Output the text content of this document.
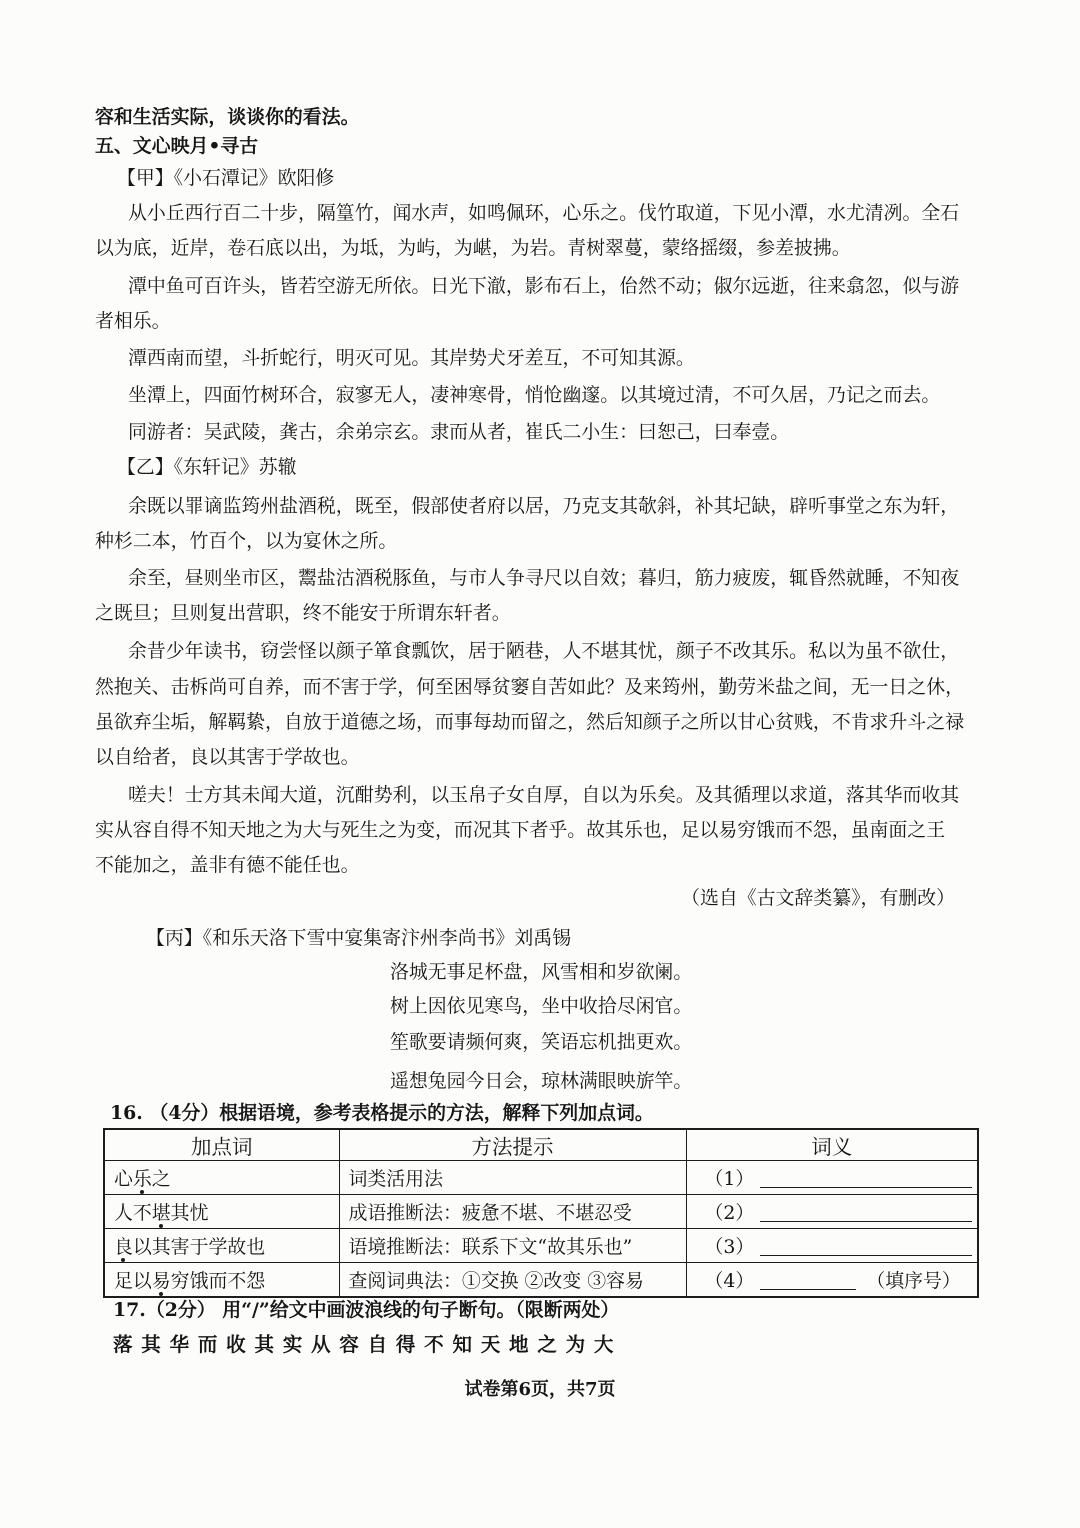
容和生活实际，谈谈你的看法。
五、文心映月•寻古
【甲】《小石潭记》欧阳修
从小丘西行百二十步，隔篁竹，闻水声，如鸣佩环，心乐之。伐竹取道，下见小潭，水尤清冽。全石
以为底，近岸，卷石底以出，为坻，为屿，为嵁，为岩。青树翠蔓，蒙络摇缀，参差披拂。
潭中鱼可百许头，皆若空游无所依。日光下澈，影布石上，佁然不动；俶尔远逝，往来翕忽，似与游
者相乐。
潭西南而望，斗折蛇行，明灭可见。其岸势犬牙差互，不可知其源。
坐潭上，四面竹树环合，寂寥无人，凄神寒骨，悄怆幽邃。以其境过清，不可久居，乃记之而去。
同游者：吴武陵，龚古，余弟宗玄。隶而从者，崔氏二小生：曰恕己，曰奉壹。
【乙】《东轩记》苏辙
余既以罪谪监筠州盐酒税，既至，假部使者府以居，乃克支其欹斜，补其圮缺，辟听事堂之东为轩，
种杉二本，竹百个，以为宴休之所。
余至，昼则坐市区，鬻盐沽酒税豚鱼，与市人争寻尺以自效；暮归，筋力疲废，辄昏然就睡，不知夜
之既旦；旦则复出营职，终不能安于所谓东轩者。
余昔少年读书，窃尝怪以颜子箪食瓢饮，居于陋巷，人不堪其忧，颜子不改其乐。私以为虽不欲仕，
然抱关、击柝尚可自养，而不害于学，何至困辱贫窭自苦如此？及来筠州，勤劳米盐之间，无一日之休，
虽欲弃尘垢，解羁絷，自放于道德之场，而事每劫而留之，然后知颜子之所以甘心贫贱，不肯求升斗之禄
以自给者，良以其害于学故也。
嗟夫！士方其未闻大道，沉酣势利，以玉帛子女自厚，自以为乐矣。及其循理以求道，落其华而收其
实从容自得不知天地之为大与死生之为变，而况其下者乎。故其乐也，足以易穷饿而不怨，虽南面之王
不能加之，盖非有德不能任也。
（选自《古文辞类纂》，有删改）
【丙】《和乐天洛下雪中宴集寄汴州李尚书》刘禹锡
洛城无事足杯盘，风雪相和岁欲阑。
树上因依见寒鸟，坐中收拾尽闲官。
笙歌要请频何爽，笑语忘机拙更欢。
遥想兔园今日会，琼林满眼映旂竿。
16. （4分）根据语境，参考表格提示的方法，解释下列加点词。
加点词	方法提示	词义
心乐之	词类活用法	（1）
人不堪其忧	成语推断法：疲惫不堪、不堪忍受	（2）
良以其害于学故也	语境推断法：联系下文“故其乐也”	（3）
足以易穷饿而不怨	查阅词典法：①交换 ②改变 ③容易	（4） （填序号）
17.（2分） 用“/”给文中画波浪线的句子断句。（限断两处）
落 其 华 而 收 其 实 从 容 自 得 不 知 天 地 之 为 大
试卷第6页，共7页
